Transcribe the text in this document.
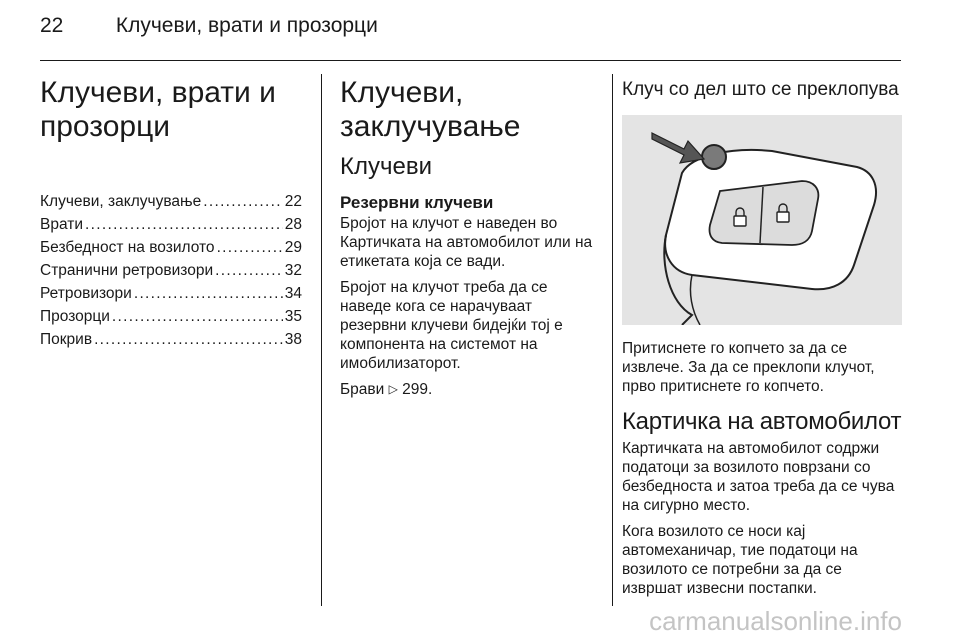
22 Клучеви, врати и прозорци
Клучеви, врати и прозорци
Клучеви, заклучување . . .	22
Врати . . .	28
Безбедност на возилото . . .	29
Странични ретровизори . . .	32
Ретровизори . . .	34
Прозорци . . .	35
Покрив . . .	38
Клучеви, заклучување
Клучеви
Резервни клучеви

Бројот на клучот е наведен во Картичката на автомобилот или на етикетата која се вади.

Бројот на клучот треба да се наведе кога се нарачуваат резервни клучеви бидејќи тој е компонента на системот на имобилизаторот.

Брави ▷ 299.

Клуч со дел што се преклопува

Притиснете го копчето за да се извлече. За да се преклопи клучот, прво притиснете го копчето.

Картичка на автомобилот

Картичката на автомобилот содржи податоци за возилото поврзани со безбедноста и затоа треба да се чува на сигурно место.

Кога возилото се носи кај автомеханичар, тие податоци на возилото се потребни за да се извршат извесни постапки.

carmanualsonline.info
